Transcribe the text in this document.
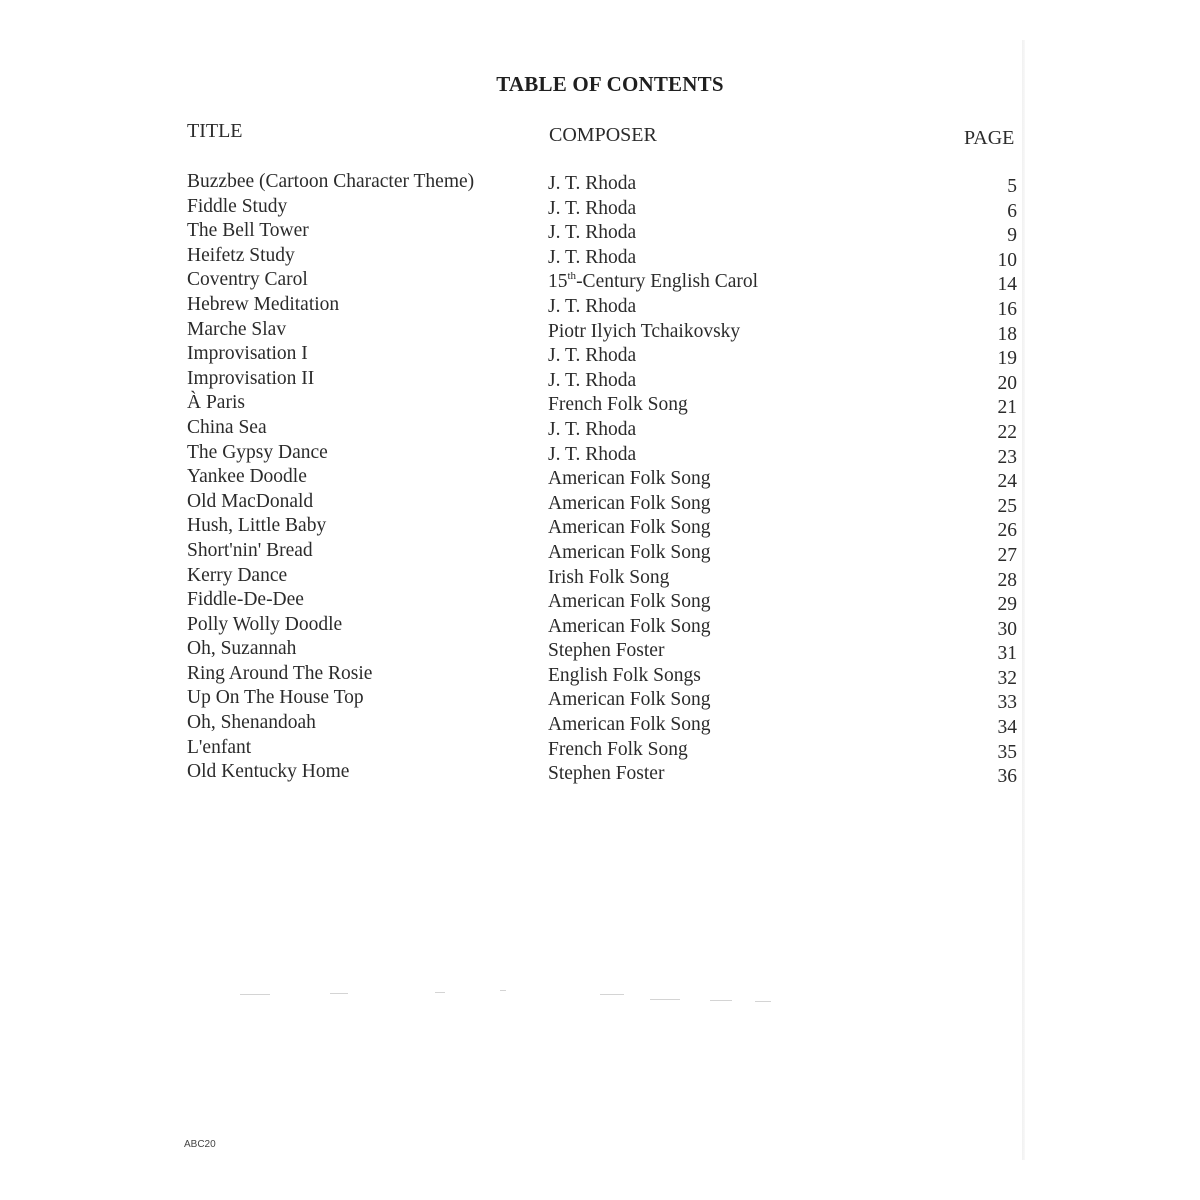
TABLE OF CONTENTS
TITLE	COMPOSER	PAGE
Buzzbee (Cartoon Character Theme)	J. T. Rhoda	5
Fiddle Study	J. T. Rhoda	6
The Bell Tower	J. T. Rhoda	9
Heifetz Study	J. T. Rhoda	10
Coventry Carol	15th-Century English Carol	14
Hebrew Meditation	J. T. Rhoda	16
Marche Slav	Piotr Ilyich Tchaikovsky	18
Improvisation I	J. T. Rhoda	19
Improvisation II	J. T. Rhoda	20
À Paris	French Folk Song	21
China Sea	J. T. Rhoda	22
The Gypsy Dance	J. T. Rhoda	23
Yankee Doodle	American Folk Song	24
Old MacDonald	American Folk Song	25
Hush, Little Baby	American Folk Song	26
Short'nin' Bread	American Folk Song	27
Kerry Dance	Irish Folk Song	28
Fiddle-De-Dee	American Folk Song	29
Polly Wolly Doodle	American Folk Song	30
Oh, Suzannah	Stephen Foster	31
Ring Around The Rosie	English Folk Songs	32
Up On The House Top	American Folk Song	33
Oh, Shenandoah	American Folk Song	34
L'enfant	French Folk Song	35
Old Kentucky Home	Stephen Foster	36
ABC20
